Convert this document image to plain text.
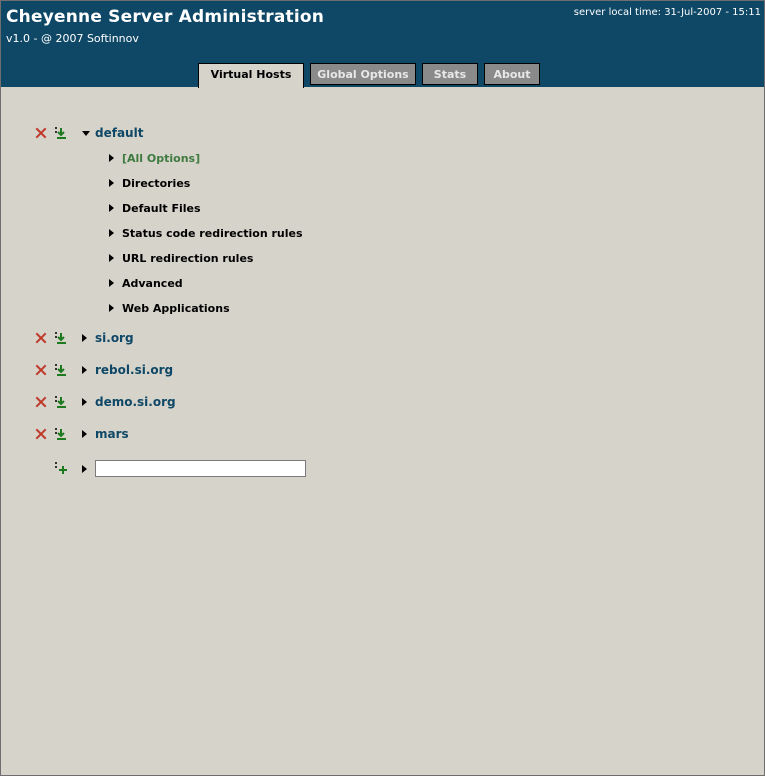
Cheyenne Server Administration
v1.0 - @ 2007 Softinnov
server local time: 31-Jul-2007 - 15:11
Virtual Hosts	Global Options	Stats	About
default
[All Options]
Directories
Default Files
Status code redirection rules
URL redirection rules
Advanced
Web Applications
si.org
rebol.si.org
demo.si.org
mars
